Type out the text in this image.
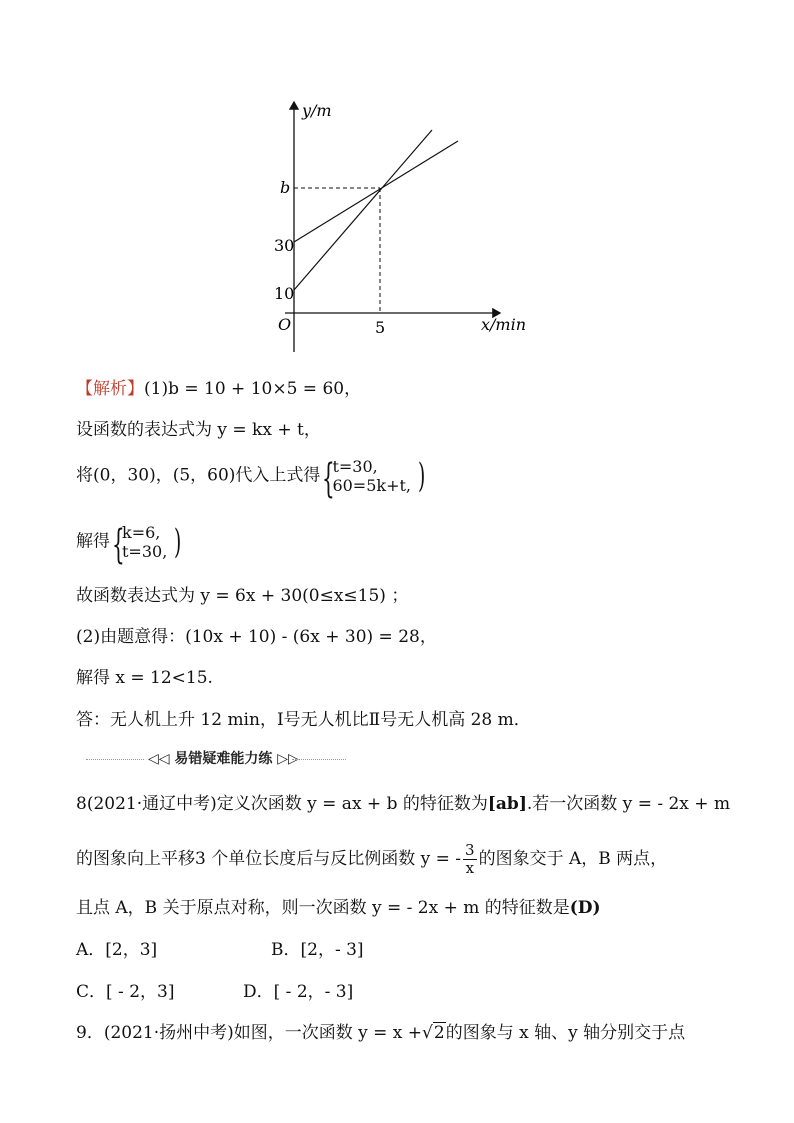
y/m
x/min
O
10
30
b
5
【解析】(1)b = 10 + 10×5 = 60，
设函数的表达式为 y = kx + t，
将(0，30)，(5，60)代入上式得 {
t=30,
60=5k+t, )
解得 {
k=6,
t=30, )
故函数表达式为 y = 6x + 30(0≤x≤15) ；
(2)由题意得：(10x + 10) - (6x + 30) = 28，
解得 x = 12<15.
答：无人机上升 12 min，Ⅰ号无人机比Ⅱ号无人机高 28 m．
◁◁ 易错疑难能力练 ▷▷
8(2021·通辽中考)定义次函数 y = ax + b 的特征数为[ab].若一次函数 y = - 2x + m
的图象向上平移3 个单位长度后与反比例函数 y = - $\frac{3}{x}$ 的图象交于 A，B 两点，
且点 A，B 关于原点对称，则一次函数 y = - 2x + m 的特征数是(D)
A．[2，3]	B．[2，- 3]
C．[ - 2，3]	D．[ - 2，- 3]
9．(2021·扬州中考)如图，一次函数 y = x +√2的图象与 x 轴、y 轴分别交于点
